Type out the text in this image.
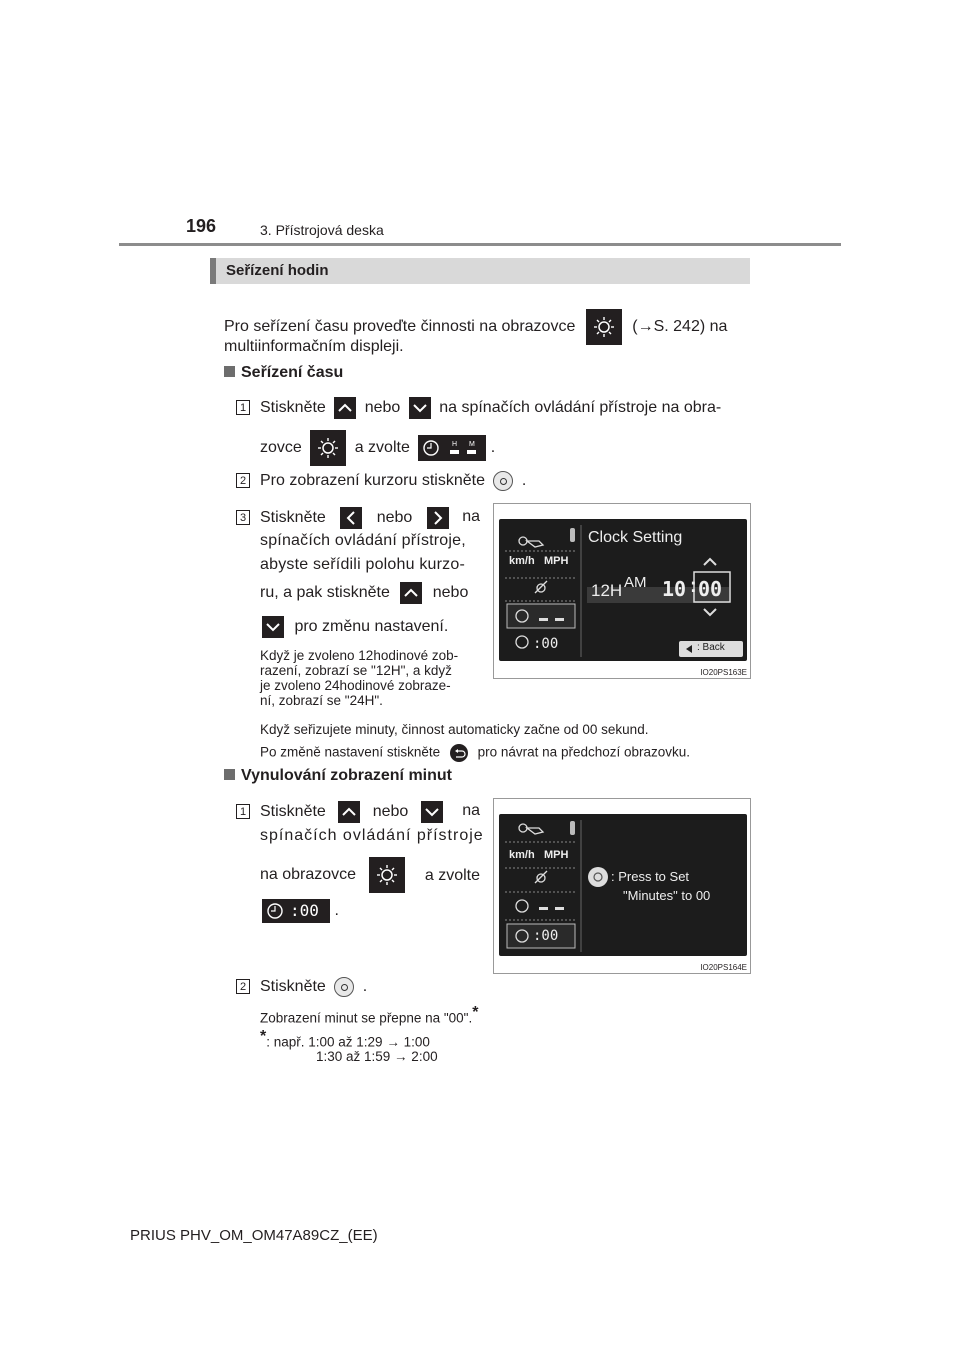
196	3. Přístrojová deska
Seřízení hodin
Pro seřízení času proveďte činnosti na obrazovce	(→S. 242) na
multiinformačním displeji.
Seřízení času
1 Stiskněte nebo na spínačích ovládání přístroje na obra-
zovce	a zvolte	H M .
2 Pro zobrazení kurzoru stiskněte .
3 Stiskněte	nebo	na
spínačích ovládání přístroje,
abyste seřídili polohu kurzo-
ru, a pak stiskněte	nebo
pro změnu nastavení.
Když je zvoleno 12hodinové zob-
razení, zobrazí se "12H", a když
je zvoleno 24hodinové zobraze-
ní, zobrazí se "24H".
Clock Setting
km/h MPH
:00
12H AM 10 : 00
: Back
IO20PS163E
Když seřizujete minuty, činnost automaticky začne od 00 sekund.
Po změně nastavení stiskněte	pro návrat na předchozí obrazovku.
Vynulování zobrazení minut
1 Stiskněte	nebo	na
spínačích ovládání přístroje
na obrazovce	a zvolte
:00 .
km/h MPH
:00
: Press to Set
"Minutes" to 00
IO20PS164E
2 Stiskněte .
Zobrazení minut se přepne na "00".*
*: např. 1:00 až 1:29 → 1:00
1:30 až 1:59 → 2:00
PRIUS PHV_OM_OM47A89CZ_(EE)
